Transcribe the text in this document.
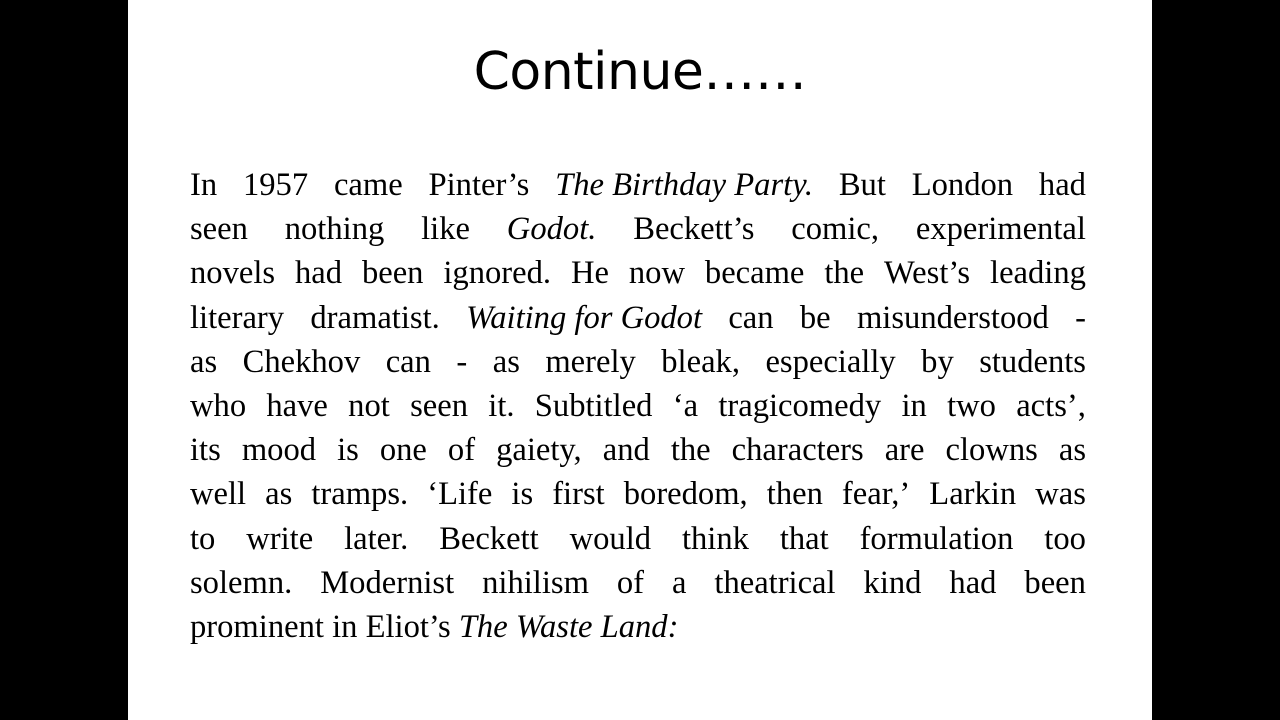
Continue……
In 1957 came Pinter’s The Birthday Party. But London had
seen nothing like Godot. Beckett’s comic, experimental
novels had been ignored. He now became the West’s leading
literary dramatist. Waiting for Godot can be misunderstood -
as Chekhov can - as merely bleak, especially by students
who have not seen it. Subtitled ‘a tragicomedy in two acts’,
its mood is one of gaiety, and the characters are clowns as
well as tramps. ‘Life is first boredom, then fear,’ Larkin was
to write later. Beckett would think that formulation too
solemn. Modernist nihilism of a theatrical kind had been
prominent in Eliot’s The Waste Land:
